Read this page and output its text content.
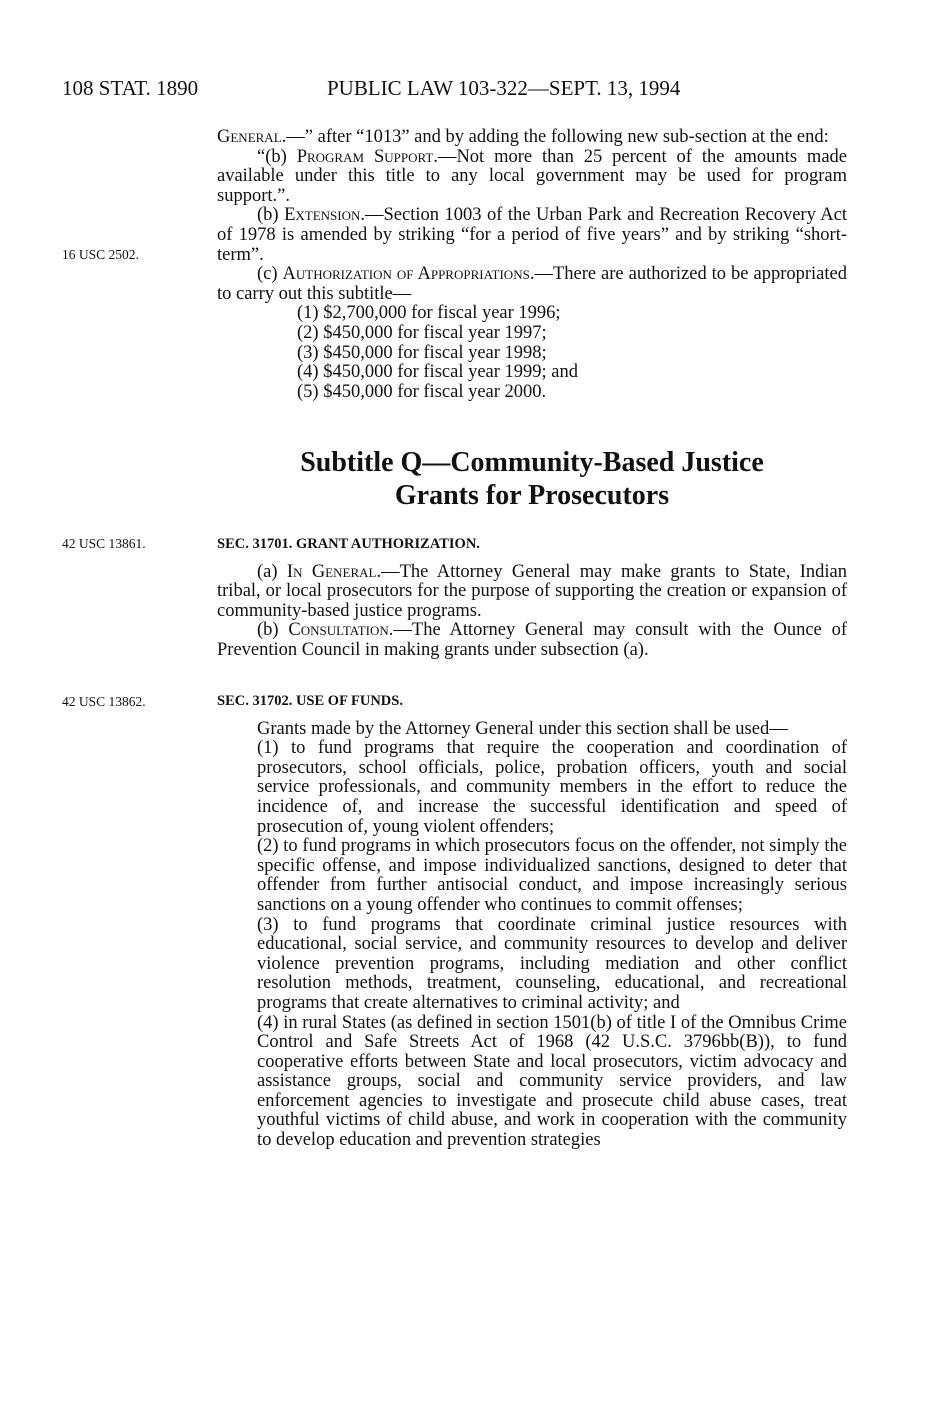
108 STAT. 1890	PUBLIC LAW 103-322—SEPT. 13, 1994

General.—” after “1013” and by adding the following new sub-section at the end:

“(b) Program Support.—Not more than 25 percent of the amounts made available under this title to any local government may be used for program support.”.

(b) Extension.—Section 1003 of the Urban Park and Recreation Recovery Act of 1978 is amended by striking “for a period of five years” and by striking “short-term”.

(c) Authorization of Appropriations.—There are authorized to be appropriated to carry out this subtitle—

(1) $2,700,000 for fiscal year 1996;

(2) $450,000 for fiscal year 1997;

(3) $450,000 for fiscal year 1998;

(4) $450,000 for fiscal year 1999; and

(5) $450,000 for fiscal year 2000.

16 USC 2502.
Subtitle Q—Community-Based Justice
Grants for Prosecutors
42 USC 13861.	SEC. 31701. GRANT AUTHORIZATION.

(a) In General.—The Attorney General may make grants to State, Indian tribal, or local prosecutors for the purpose of supporting the creation or expansion of community-based justice programs.

(b) Consultation.—The Attorney General may consult with the Ounce of Prevention Council in making grants under subsection (a).

42 USC 13862.	SEC. 31702. USE OF FUNDS.

Grants made by the Attorney General under this section shall be used—

(1) to fund programs that require the cooperation and coordination of prosecutors, school officials, police, probation officers, youth and social service professionals, and community members in the effort to reduce the incidence of, and increase the successful identification and speed of prosecution of, young violent offenders;

(2) to fund programs in which prosecutors focus on the offender, not simply the specific offense, and impose individualized sanctions, designed to deter that offender from further antisocial conduct, and impose increasingly serious sanctions on a young offender who continues to commit offenses;

(3) to fund programs that coordinate criminal justice resources with educational, social service, and community resources to develop and deliver violence prevention programs, including mediation and other conflict resolution methods, treatment, counseling, educational, and recreational programs that create alternatives to criminal activity; and

(4) in rural States (as defined in section 1501(b) of title I of the Omnibus Crime Control and Safe Streets Act of 1968 (42 U.S.C. 3796bb(B)), to fund cooperative efforts between State and local prosecutors, victim advocacy and assistance groups, social and community service providers, and law enforcement agencies to investigate and prosecute child abuse cases, treat youthful victims of child abuse, and work in cooperation with the community to develop education and prevention strategies
